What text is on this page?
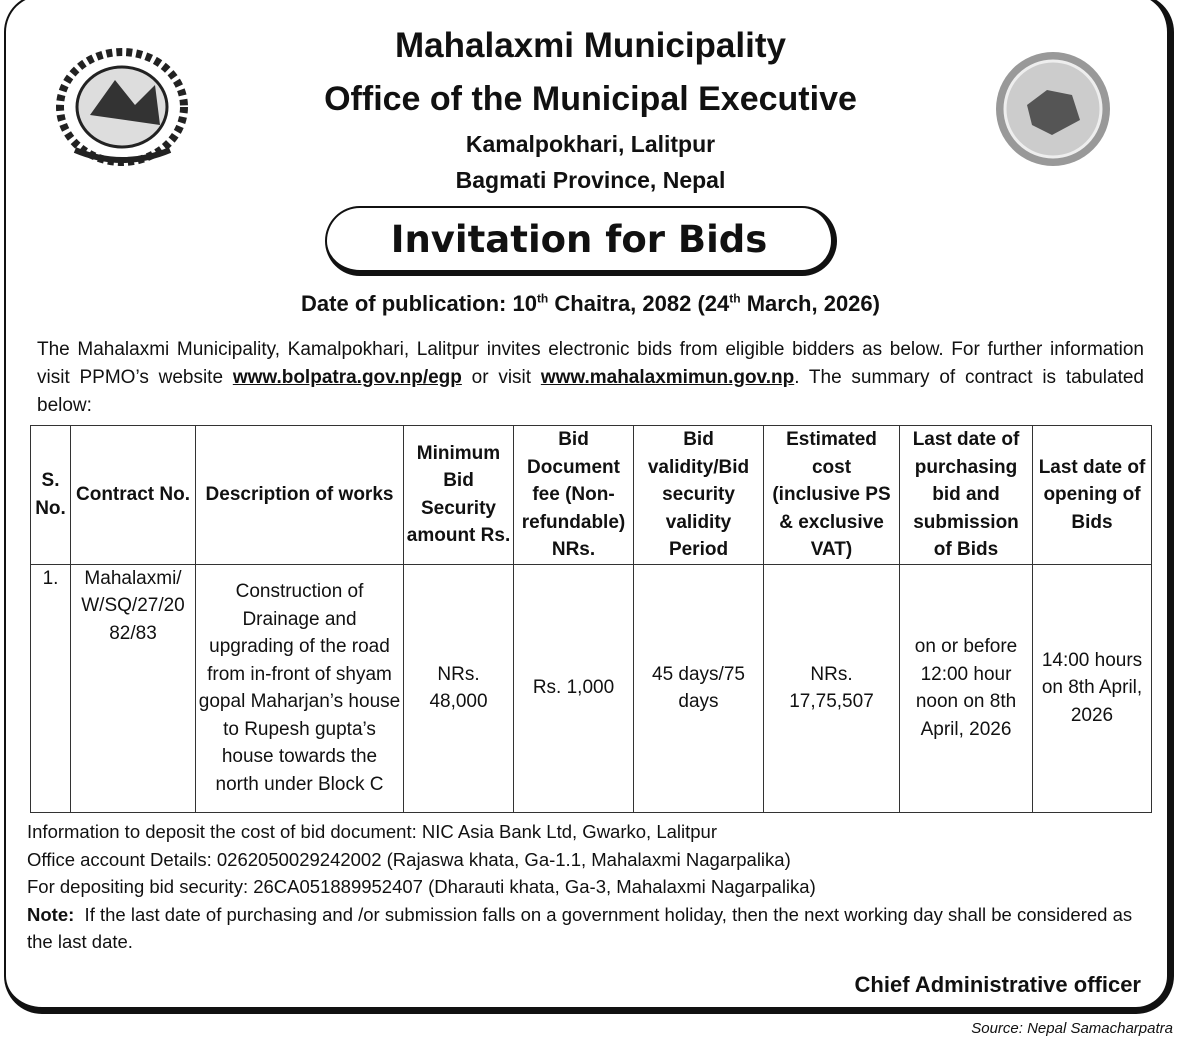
Mahalaxmi Municipality
Office of the Municipal Executive
Kamalpokhari, Lalitpur
Bagmati Province, Nepal
Invitation for Bids
Date of publication: 10th Chaitra, 2082 (24th March, 2026)
The Mahalaxmi Municipality, Kamalpokhari, Lalitpur invites electronic bids from eligible bidders as below. For further information visit PPMO’s website www.bolpatra.gov.np/egp or visit www.mahalaxmimun.gov.np. The summary of contract is tabulated below:
S. No.	Contract No.	Description of works	Minimum Bid Security amount Rs.	Bid Document fee (Non-refundable) NRs.	Bid validity/Bid security validity Period	Estimated cost (inclusive PS & exclusive VAT)	Last date of purchasing bid and submission of Bids	Last date of opening of Bids
1.	Mahalaxmi/ W/SQ/27/20 82/83	Construction of Drainage and upgrading of the road from in-front of shyam gopal Maharjan’s house to Rupesh gupta’s house towards the north under Block C	NRs. 48,000	Rs. 1,000	45 days/75 days	NRs. 17,75,507	on or before 12:00 hour noon on 8th April, 2026	14:00 hours on 8th April, 2026
Information to deposit the cost of bid document: NIC Asia Bank Ltd, Gwarko, Lalitpur
Office account Details: 0262050029242002 (Rajaswa khata, Ga-1.1, Mahalaxmi Nagarpalika)
For depositing bid security: 26CA051889952407 (Dharauti khata, Ga-3, Mahalaxmi Nagarpalika)
Note:  If the last date of purchasing and /or submission falls on a government holiday, then the next working day shall be considered as the last date.
Chief Administrative officer
Source: Nepal Samacharpatra
